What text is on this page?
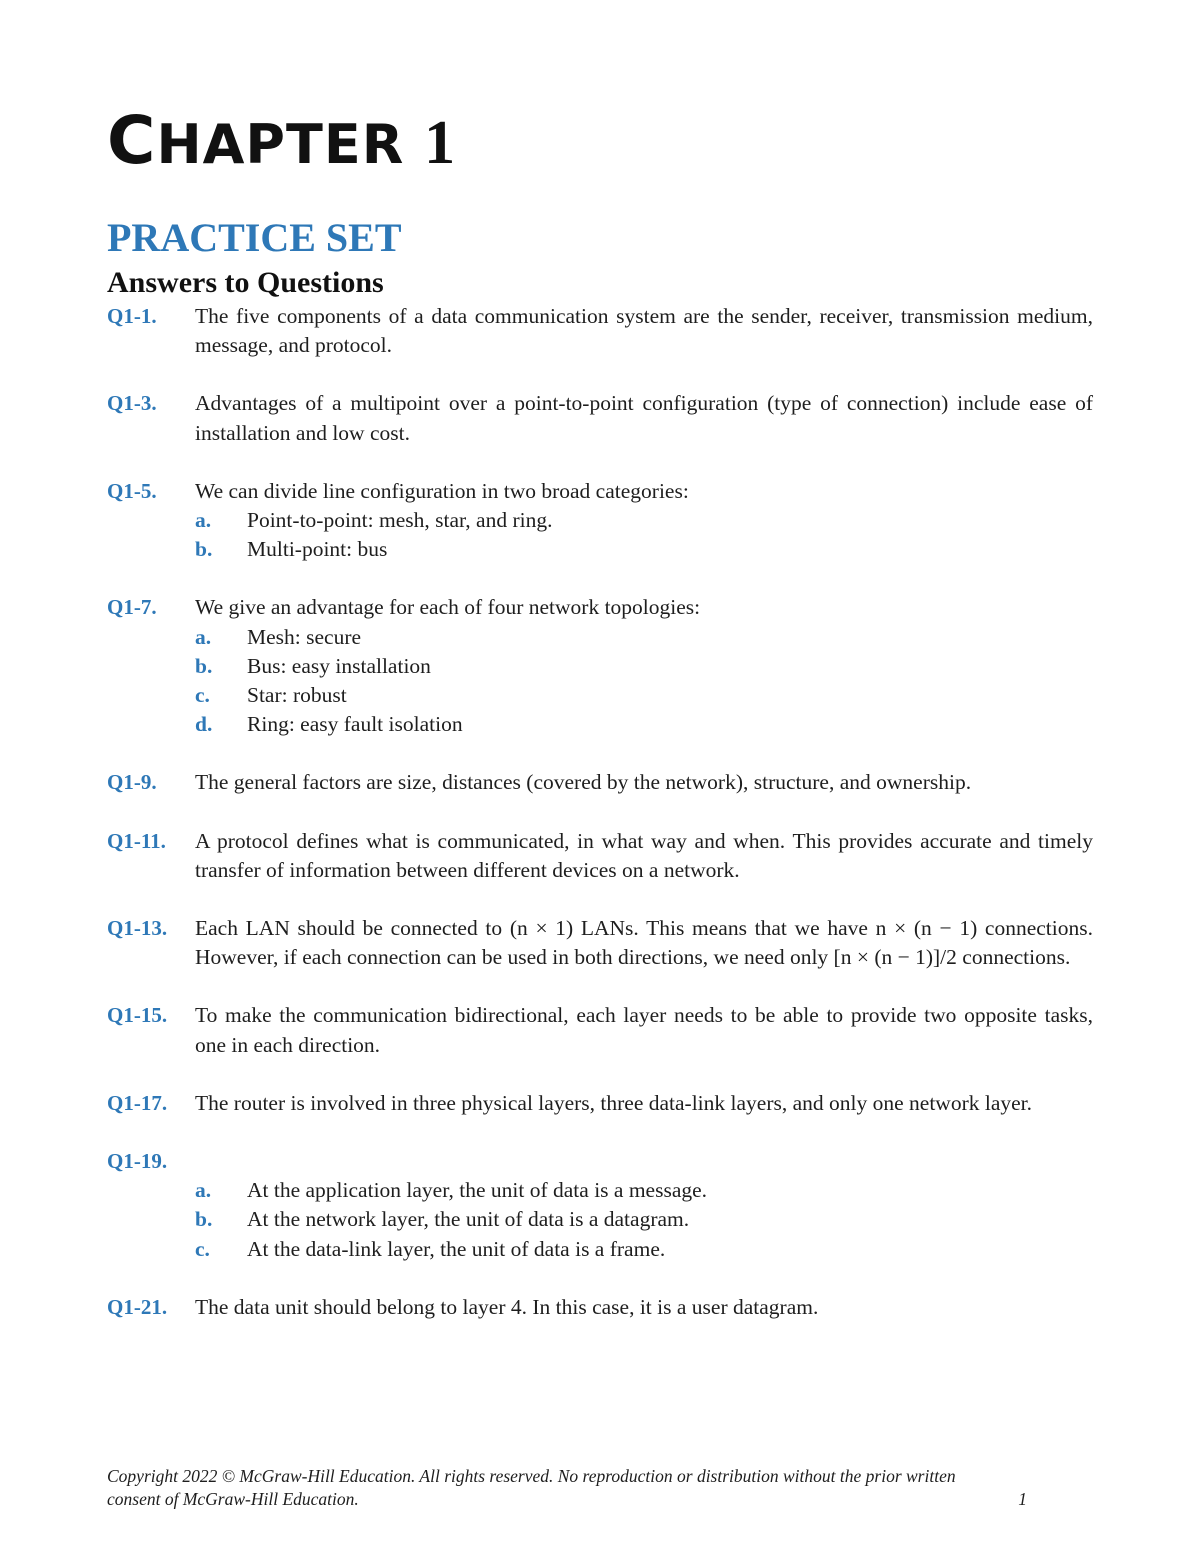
CHAPTER 1
PRACTICE SET
Answers to Questions
Q1-1. The five components of a data communication system are the sender, receiver, transmission medium, message, and protocol.
Q1-3. Advantages of a multipoint over a point-to-point configuration (type of connection) include ease of installation and low cost.
Q1-5. We can divide line configuration in two broad categories:
a. Point-to-point: mesh, star, and ring.
b. Multi-point: bus
Q1-7. We give an advantage for each of four network topologies:
a. Mesh: secure
b. Bus: easy installation
c. Star: robust
d. Ring: easy fault isolation
Q1-9. The general factors are size, distances (covered by the network), structure, and ownership.
Q1-11. A protocol defines what is communicated, in what way and when. This provides accurate and timely transfer of information between different devices on a network.
Q1-13. Each LAN should be connected to (n × 1) LANs. This means that we have n × (n − 1) connections. However, if each connection can be used in both directions, we need only [n × (n − 1)]/2 connections.
Q1-15. To make the communication bidirectional, each layer needs to be able to provide two opposite tasks, one in each direction.
Q1-17. The router is involved in three physical layers, three data-link layers, and only one network layer.
Q1-19.
a. At the application layer, the unit of data is a message.
b. At the network layer, the unit of data is a datagram.
c. At the data-link layer, the unit of data is a frame.
Q1-21. The data unit should belong to layer 4. In this case, it is a user datagram.
Copyright 2022 © McGraw-Hill Education. All rights reserved. No reproduction or distribution without the prior written
consent of McGraw-Hill Education.	1
